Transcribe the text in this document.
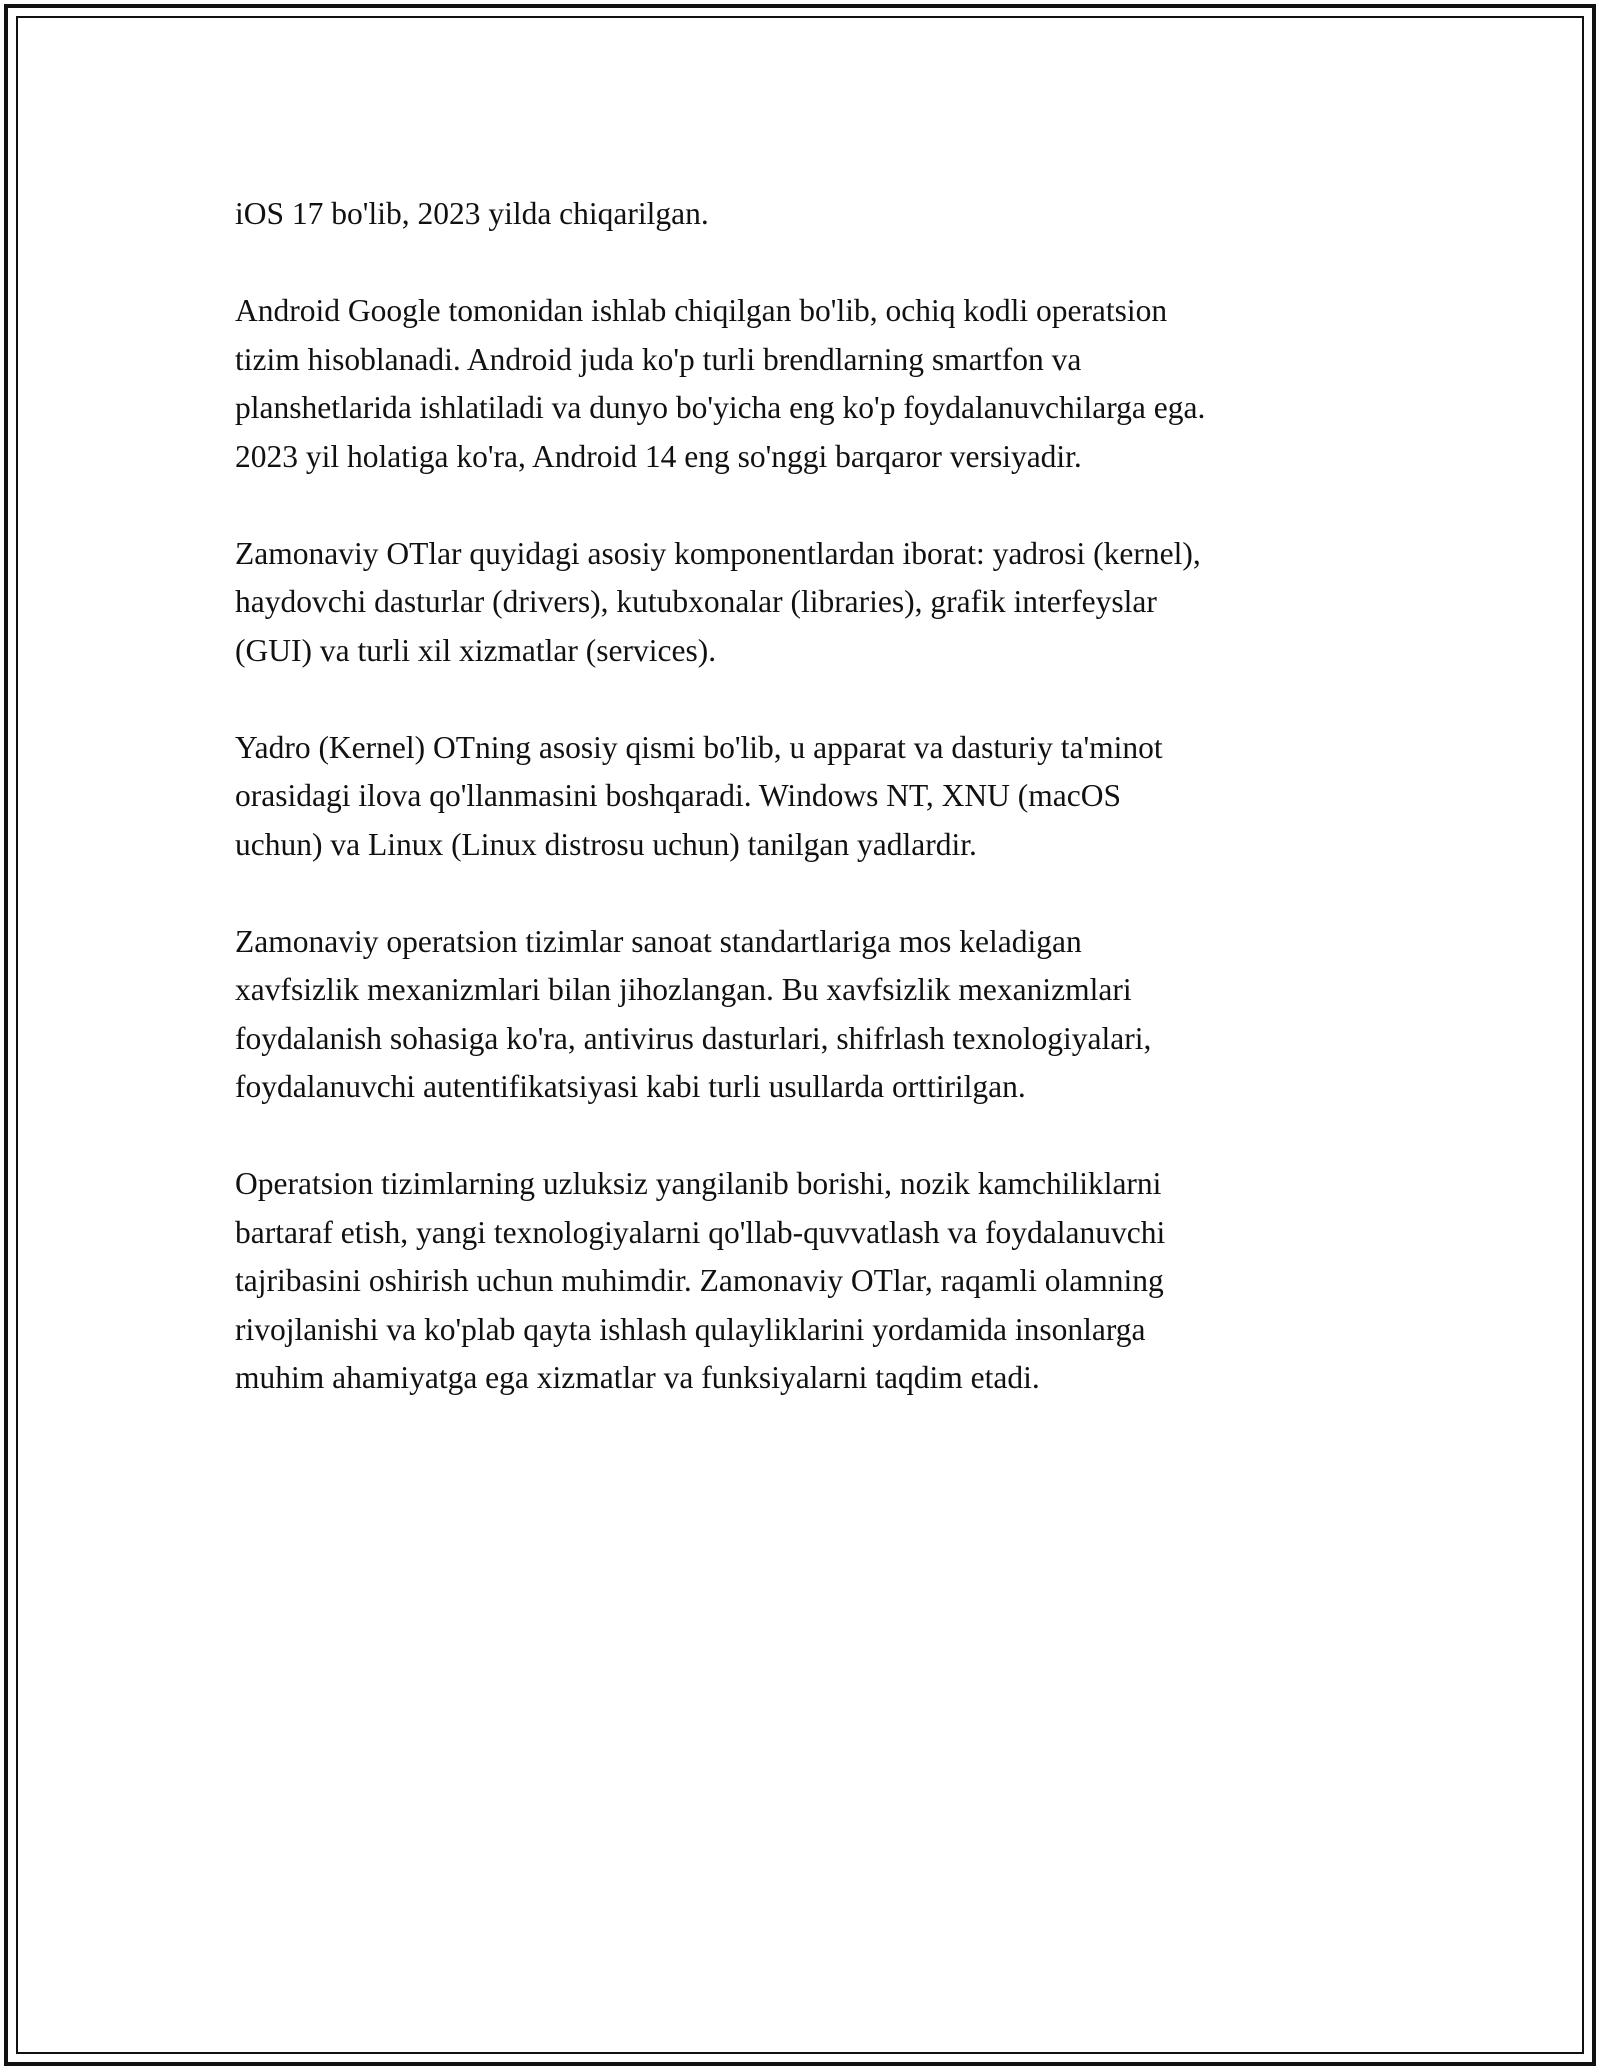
iOS 17 bo'lib, 2023 yilda chiqarilgan.

Android Google tomonidan ishlab chiqilgan bo'lib, ochiq kodli operatsion
tizim hisoblanadi. Android juda ko'p turli brendlarning smartfon va
planshetlarida ishlatiladi va dunyo bo'yicha eng ko'p foydalanuvchilarga ega.
2023 yil holatiga ko'ra, Android 14 eng so'nggi barqaror versiyadir.

Zamonaviy OTlar quyidagi asosiy komponentlardan iborat: yadrosi (kernel),
haydovchi dasturlar (drivers), kutubxonalar (libraries), grafik interfeyslar
(GUI) va turli xil xizmatlar (services).

Yadro (Kernel) OTning asosiy qismi bo'lib, u apparat va dasturiy ta'minot
orasidagi ilova qo'llanmasini boshqaradi. Windows NT, XNU (macOS
uchun) va Linux (Linux distrosu uchun) tanilgan yadlardir.

Zamonaviy operatsion tizimlar sanoat standartlariga mos keladigan
xavfsizlik mexanizmlari bilan jihozlangan. Bu xavfsizlik mexanizmlari
foydalanish sohasiga ko'ra, antivirus dasturlari, shifrlash texnologiyalari,
foydalanuvchi autentifikatsiyasi kabi turli usullarda orttirilgan.

Operatsion tizimlarning uzluksiz yangilanib borishi, nozik kamchiliklarni
bartaraf etish, yangi texnologiyalarni qo'llab-quvvatlash va foydalanuvchi
tajribasini oshirish uchun muhimdir. Zamonaviy OTlar, raqamli olamning
rivojlanishi va ko'plab qayta ishlash qulayliklarini yordamida insonlarga
muhim ahamiyatga ega xizmatlar va funksiyalarni taqdim etadi.
